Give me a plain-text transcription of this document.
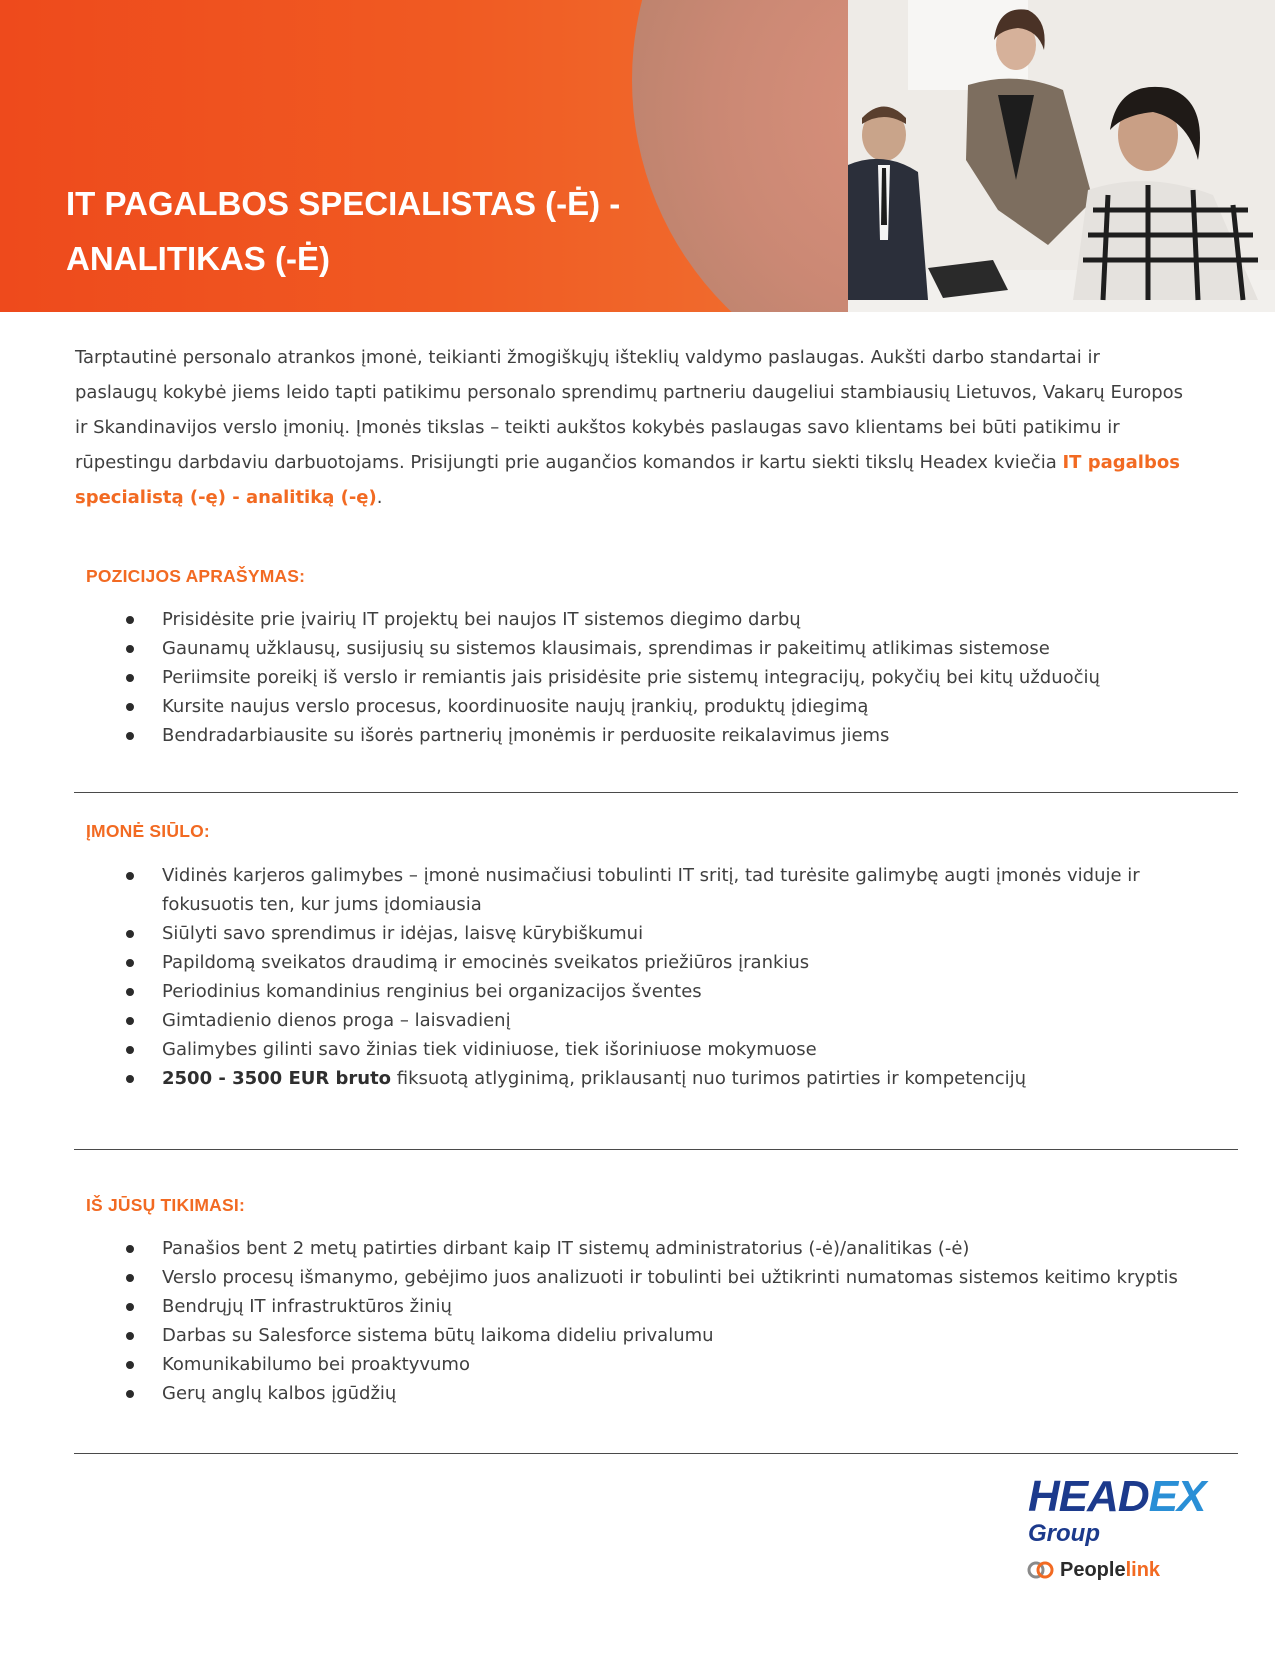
IT PAGALBOS SPECIALISTAS (-Ė) -
ANALITIKAS (-Ė)

Tarptautinė personalo atrankos įmonė, teikianti žmogiškųjų išteklių valdymo paslaugas. Aukšti darbo standartai ir paslaugų kokybė jiems leido tapti patikimu personalo sprendimų partneriu daugeliui stambiausių Lietuvos, Vakarų Europos ir Skandinavijos verslo įmonių. Įmonės tikslas – teikti aukštos kokybės paslaugas savo klientams bei būti patikimu ir rūpestingu darbdaviu darbuotojams. Prisijungti prie augančios komandos ir kartu siekti tikslų Headex kviečia IT pagalbos specialistą (-ę) - analitiką (-ę).

POZICIJOS APRAŠYMAS:
Prisidėsite prie įvairių IT projektų bei naujos IT sistemos diegimo darbų
Gaunamų užklausų, susijusių su sistemos klausimais, sprendimas ir pakeitimų atlikimas sistemose
Periimsite poreikį iš verslo ir remiantis jais prisidėsite prie sistemų integracijų, pokyčių bei kitų užduočių
Kursite naujus verslo procesus, koordinuosite naujų įrankių, produktų įdiegimą
Bendradarbiausite su išorės partnerių įmonėmis ir perduosite reikalavimus jiems
ĮMONĖ SIŪLO:
Vidinės karjeros galimybes – įmonė nusimačiusi tobulinti IT sritį, tad turėsite galimybę augti įmonės viduje ir fokusuotis ten, kur jums įdomiausia
Siūlyti savo sprendimus ir idėjas, laisvę kūrybiškumui
Papildomą sveikatos draudimą ir emocinės sveikatos priežiūros įrankius
Periodinius komandinius renginius bei organizacijos šventes
Gimtadienio dienos proga – laisvadienį
Galimybes gilinti savo žinias tiek vidiniuose, tiek išoriniuose mokymuose
2500 - 3500 EUR bruto fiksuotą atlyginimą, priklausantį nuo turimos patirties ir kompetencijų
IŠ JŪSŲ TIKIMASI:
Panašios bent 2 metų patirties dirbant kaip IT sistemų administratorius (-ė)/analitikas (-ė)
Verslo procesų išmanymo, gebėjimo juos analizuoti ir tobulinti bei užtikrinti numatomas sistemos keitimo kryptis
Bendrųjų IT infrastruktūros žinių
Darbas su Salesforce sistema būtų laikoma dideliu privalumu
Komunikabilumo bei proaktyvumo
Gerų anglų kalbos įgūdžių
HEADEX
Group
Peoplelink
